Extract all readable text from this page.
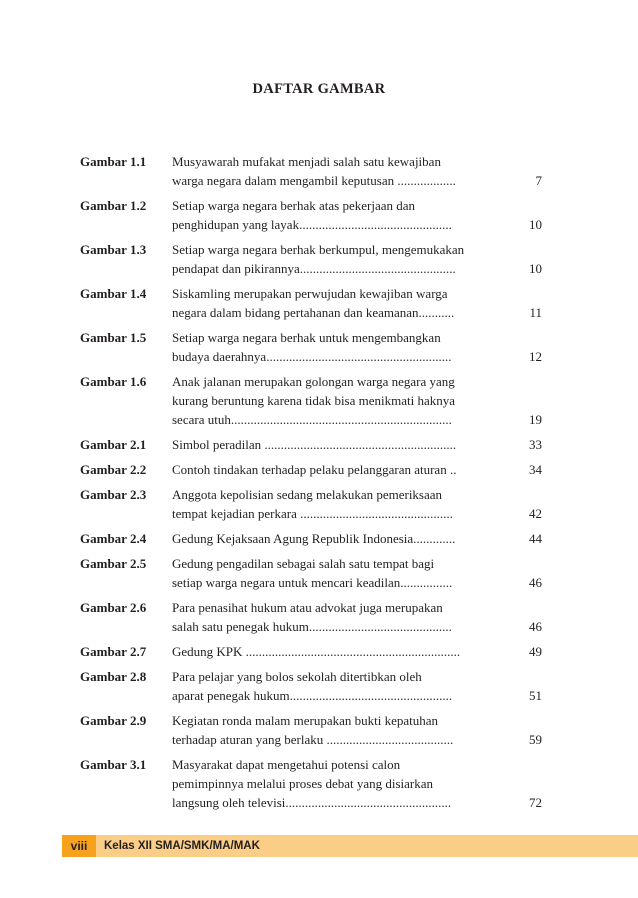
DAFTAR GAMBAR
Gambar 1.1	Musyawarah mufakat menjadi salah satu kewajiban
warga negara dalam mengambil keputusan ..................	7
Gambar 1.2	Setiap warga negara berhak atas pekerjaan dan
penghidupan yang layak...............................................	10
Gambar 1.3	Setiap warga negara berhak berkumpul, mengemukakan
pendapat dan pikirannya................................................	10
Gambar 1.4	Siskamling merupakan perwujudan kewajiban warga
negara dalam bidang pertahanan dan keamanan...........	11
Gambar 1.5	Setiap warga negara berhak untuk mengembangkan
budaya daerahnya.........................................................	12
Gambar 1.6	Anak jalanan merupakan golongan warga negara yang
kurang beruntung karena tidak bisa menikmati haknya
secara utuh....................................................................	19
Gambar 2.1	Simbol peradilan ...........................................................	33
Gambar 2.2	Contoh tindakan terhadap pelaku pelanggaran aturan ..	34
Gambar 2.3	Anggota kepolisian sedang melakukan pemeriksaan
tempat kejadian perkara ...............................................	42
Gambar 2.4	Gedung Kejaksaan Agung Republik Indonesia.............	44
Gambar 2.5	Gedung pengadilan sebagai salah satu tempat bagi
setiap warga negara untuk mencari keadilan................	46
Gambar 2.6	Para penasihat hukum atau advokat juga merupakan
salah satu penegak hukum............................................	46
Gambar 2.7	Gedung KPK ..................................................................	49
Gambar 2.8	Para pelajar yang bolos sekolah ditertibkan oleh
aparat penegak hukum..................................................	51
Gambar 2.9	Kegiatan ronda malam merupakan bukti kepatuhan
terhadap aturan yang berlaku .......................................	59
Gambar 3.1	Masyarakat dapat mengetahui potensi calon
pemimpinnya melalui proses debat yang disiarkan
langsung oleh televisi...................................................	72
viii	Kelas XII SMA/SMK/MA/MAK
